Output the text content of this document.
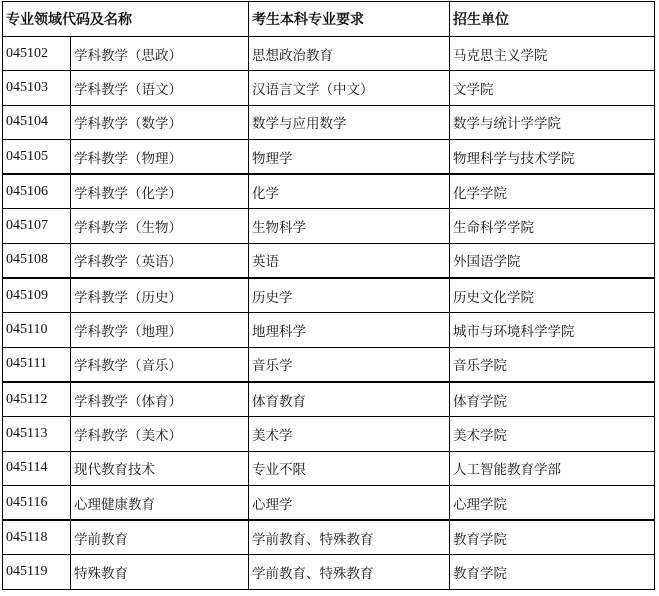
专业领域代码及名称		考生本科专业要求	招生单位
045102	学科教学（思政）	思想政治教育	马克思主义学院
045103	学科教学（语文）	汉语言文学（中文）	文学院
045104	学科教学（数学）	数学与应用数学	数学与统计学学院
045105	学科教学（物理）	物理学	物理科学与技术学院
045106	学科教学（化学）	化学	化学学院
045107	学科教学（生物）	生物科学	生命科学学院
045108	学科教学（英语）	英语	外国语学院
045109	学科教学（历史）	历史学	历史文化学院
045110	学科教学（地理）	地理科学	城市与环境科学学院
045111	学科教学（音乐）	音乐学	音乐学院
045112	学科教学（体育）	体育教育	体育学院
045113	学科教学（美术）	美术学	美术学院
045114	现代教育技术	专业不限	人工智能教育学部
045116	心理健康教育	心理学	心理学院
045118	学前教育	学前教育、特殊教育	教育学院
045119	特殊教育	学前教育、特殊教育	教育学院
